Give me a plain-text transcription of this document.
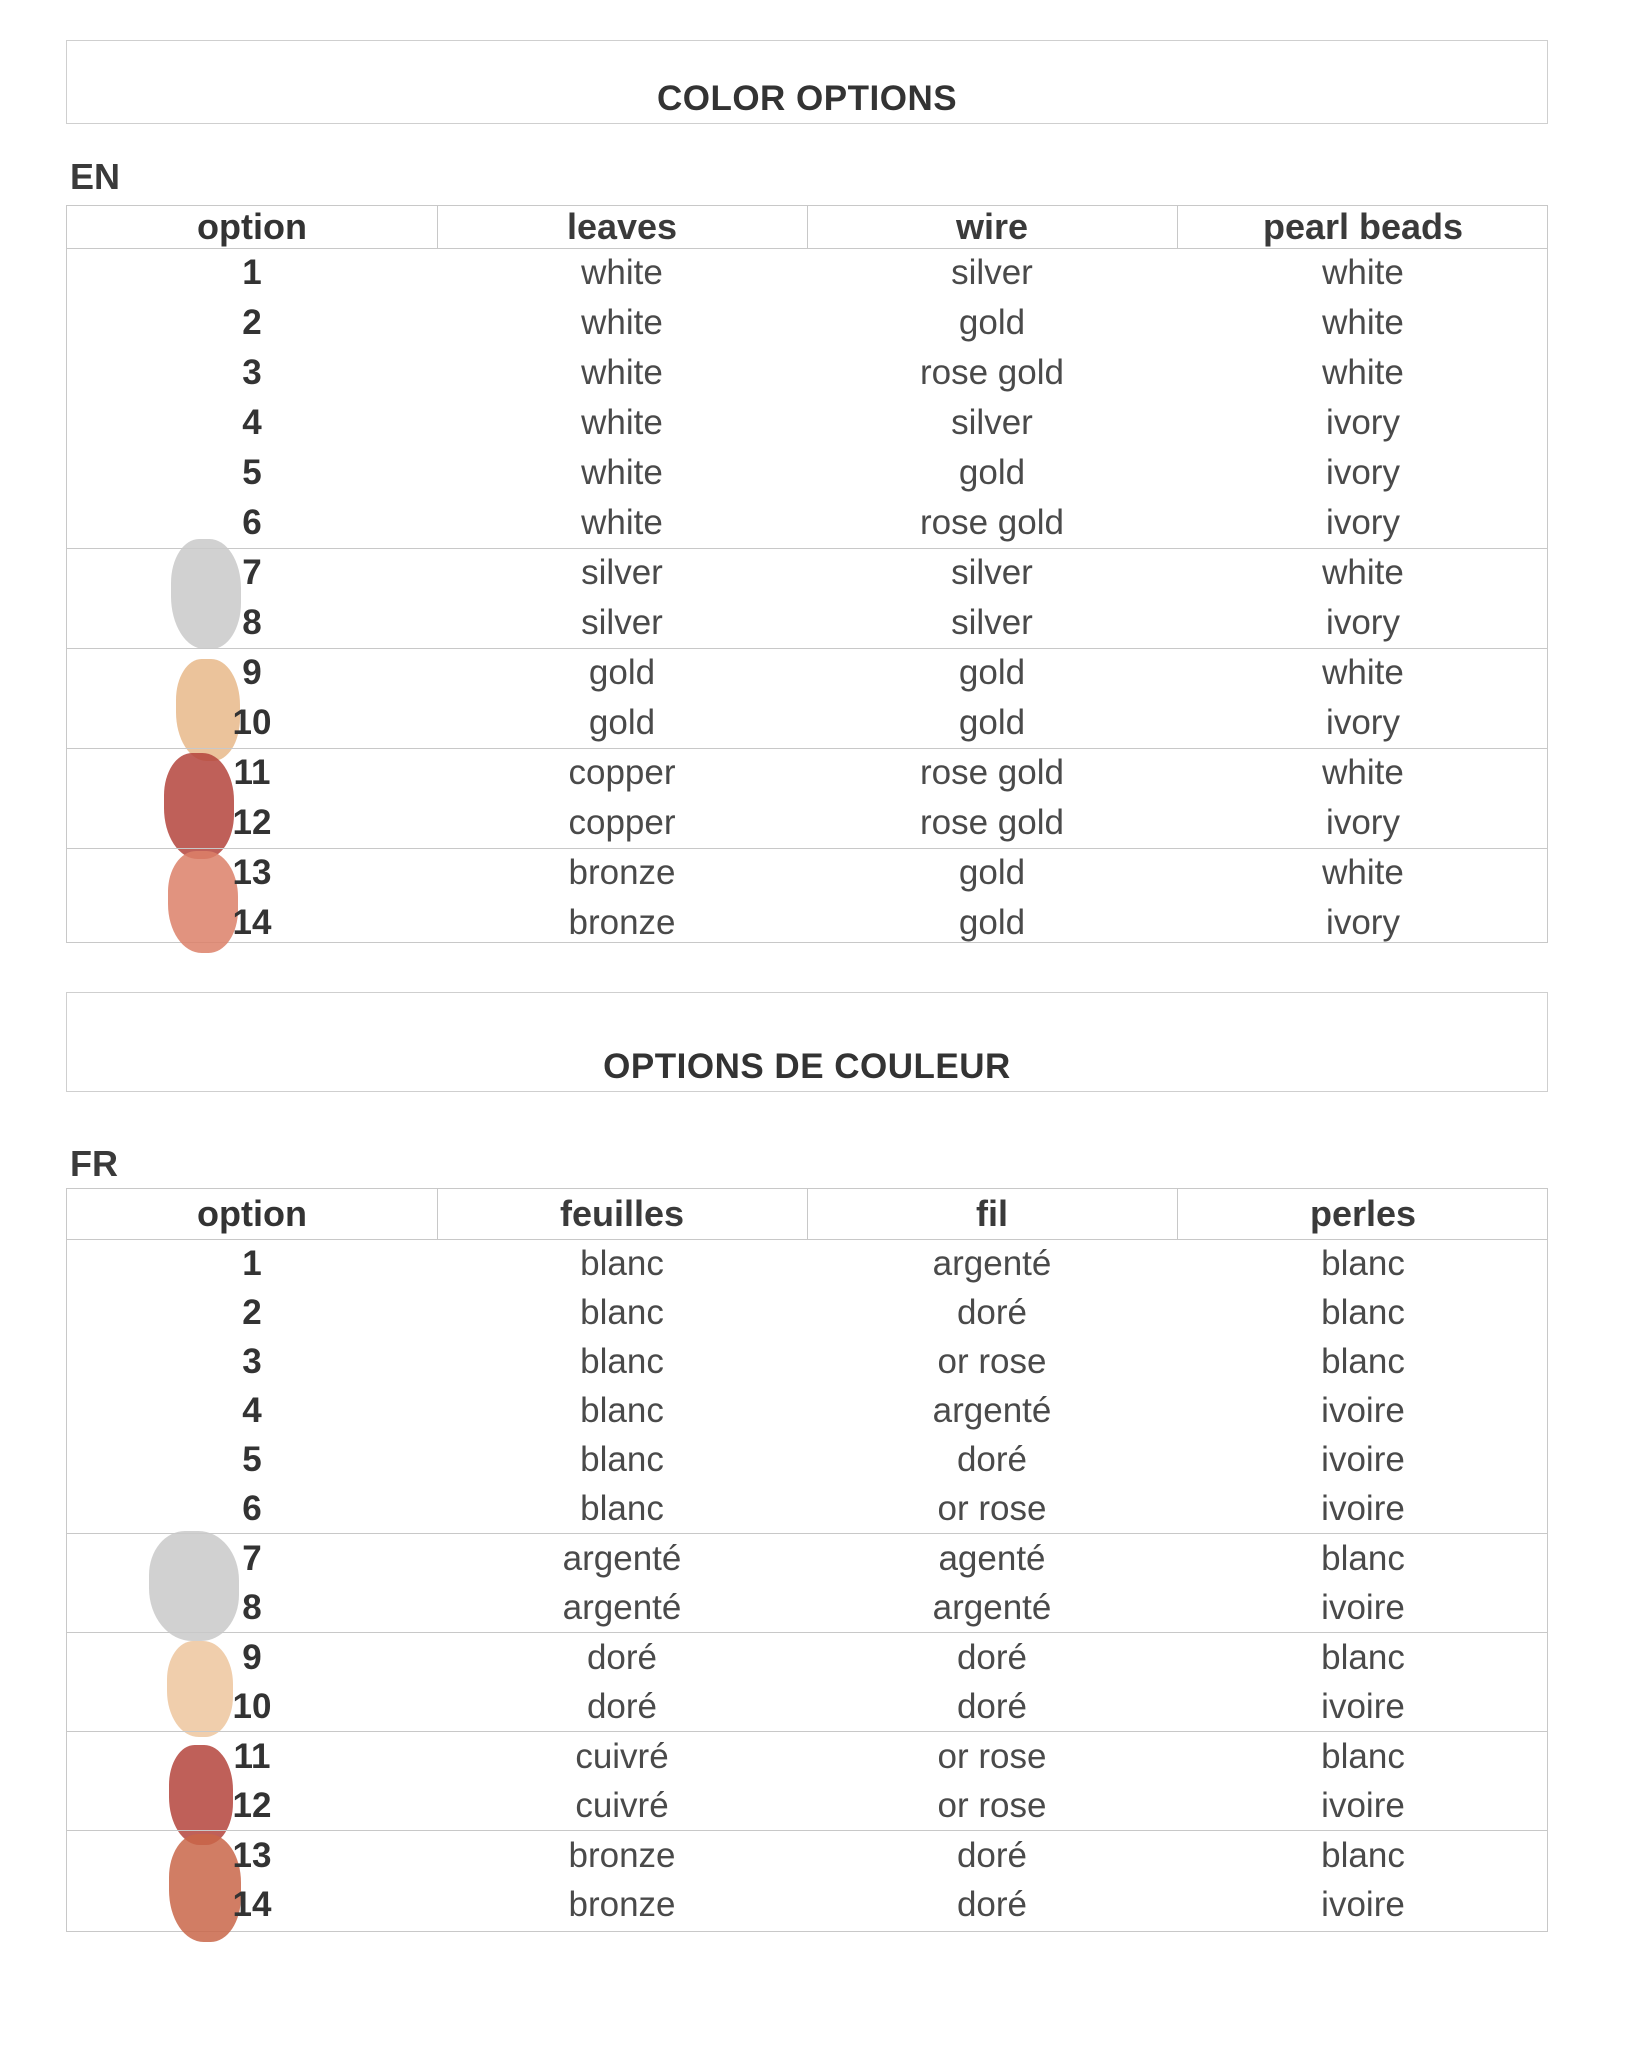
COLOR OPTIONS
EN
option	leaves	wire	pearl beads
1	white	silver	white
2	white	gold	white
3	white	rose gold	white
4	white	silver	ivory
5	white	gold	ivory
6	white	rose gold	ivory
7	silver	silver	white
8	silver	silver	ivory
9	gold	gold	white
10	gold	gold	ivory
11	copper	rose gold	white
12	copper	rose gold	ivory
13	bronze	gold	white
14	bronze	gold	ivory
OPTIONS DE COULEUR
FR
option	feuilles	fil	perles
1	blanc	argenté	blanc
2	blanc	doré	blanc
3	blanc	or rose	blanc
4	blanc	argenté	ivoire
5	blanc	doré	ivoire
6	blanc	or rose	ivoire
7	argenté	agenté	blanc
8	argenté	argenté	ivoire
9	doré	doré	blanc
10	doré	doré	ivoire
11	cuivré	or rose	blanc
12	cuivré	or rose	ivoire
13	bronze	doré	blanc
14	bronze	doré	ivoire
